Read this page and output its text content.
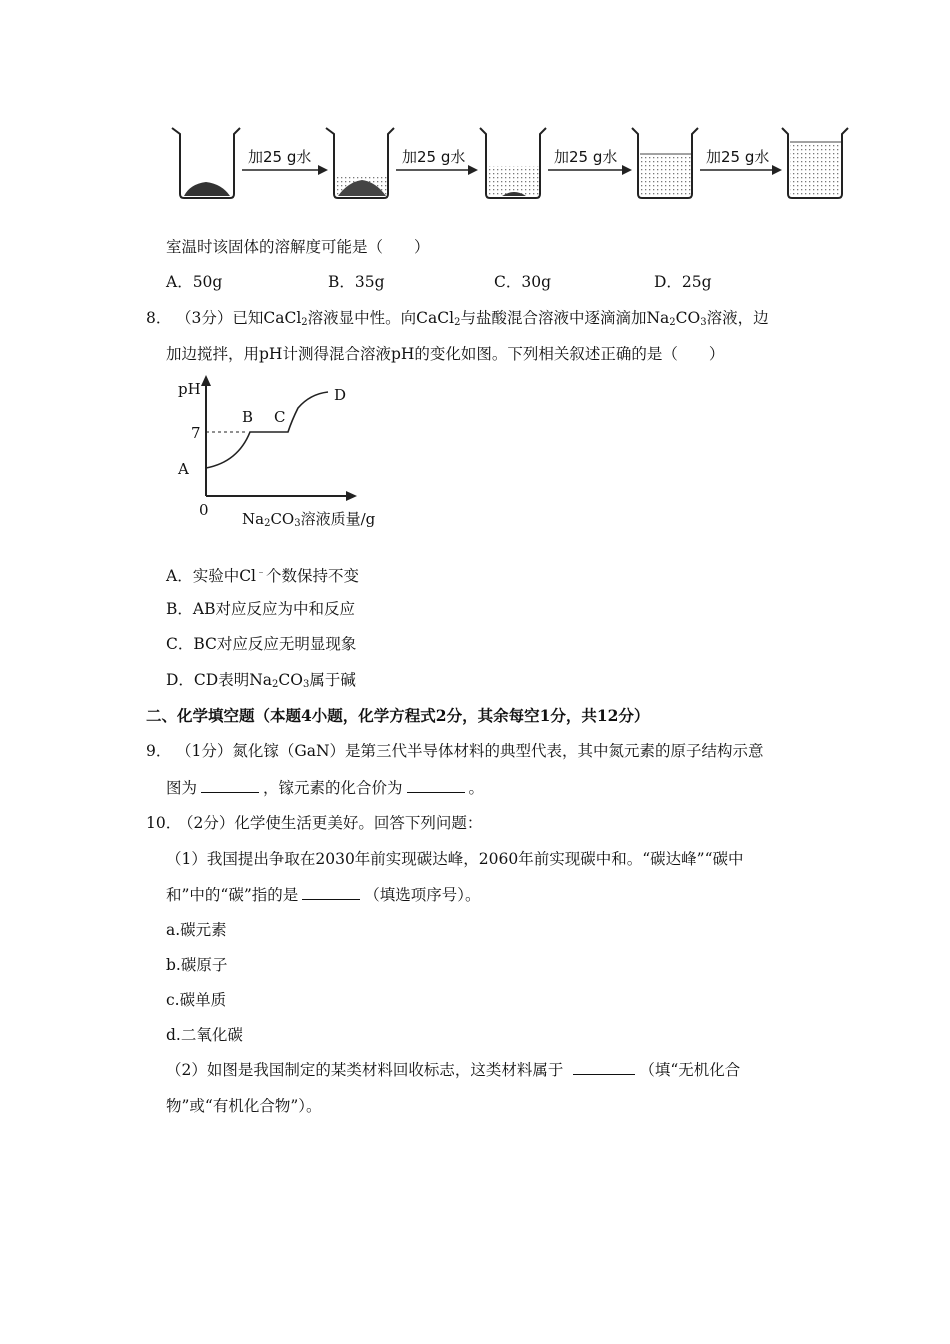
加25 g水	加25 g水	加25 g水	加25 g水
室温时该固体的溶解度可能是（　　）
A．50g	B．35g	C．30g	D．25g
8． （3分）已知CaCl$_2$溶液显中性。向CaCl$_2$与盐酸混合溶液中逐滴滴加$Na_2CO_3$溶液，边
加边搅拌，用pH计测得混合溶液pH的变化如图。下列相关叙述正确的是（　　）
pH
7
A
B C
D
0 $Na_2CO_3$溶液质量/g
A．实验中Cl﹣个数保持不变
B．AB对应反应为中和反应
C．BC对应反应无明显现象
D．CD表明$Na_2CO_3$属于碱
二、化学填空题（本题4小题，化学方程式2分，其余每空1分，共12分）
9． （1分）氮化镓（GaN）是第三代半导体材料的典型代表，其中氮元素的原子结构示意
图为	，镓元素的化合价为	。
10．
（2分）化学使生活更美好。回答下列问题：
（1）我国提出争取在2030年前实现碳达峰，2060年前实现碳中和。“碳达峰”“碳中
和”中的“碳”指的是	（填选项序号）。
a.碳元素
b.碳原子
c.碳单质
d.二氧化碳
（2）如图是我国制定的某类材料回收标志，这类材料属于	（填“无机化合
物”或“有机化合物”）。
